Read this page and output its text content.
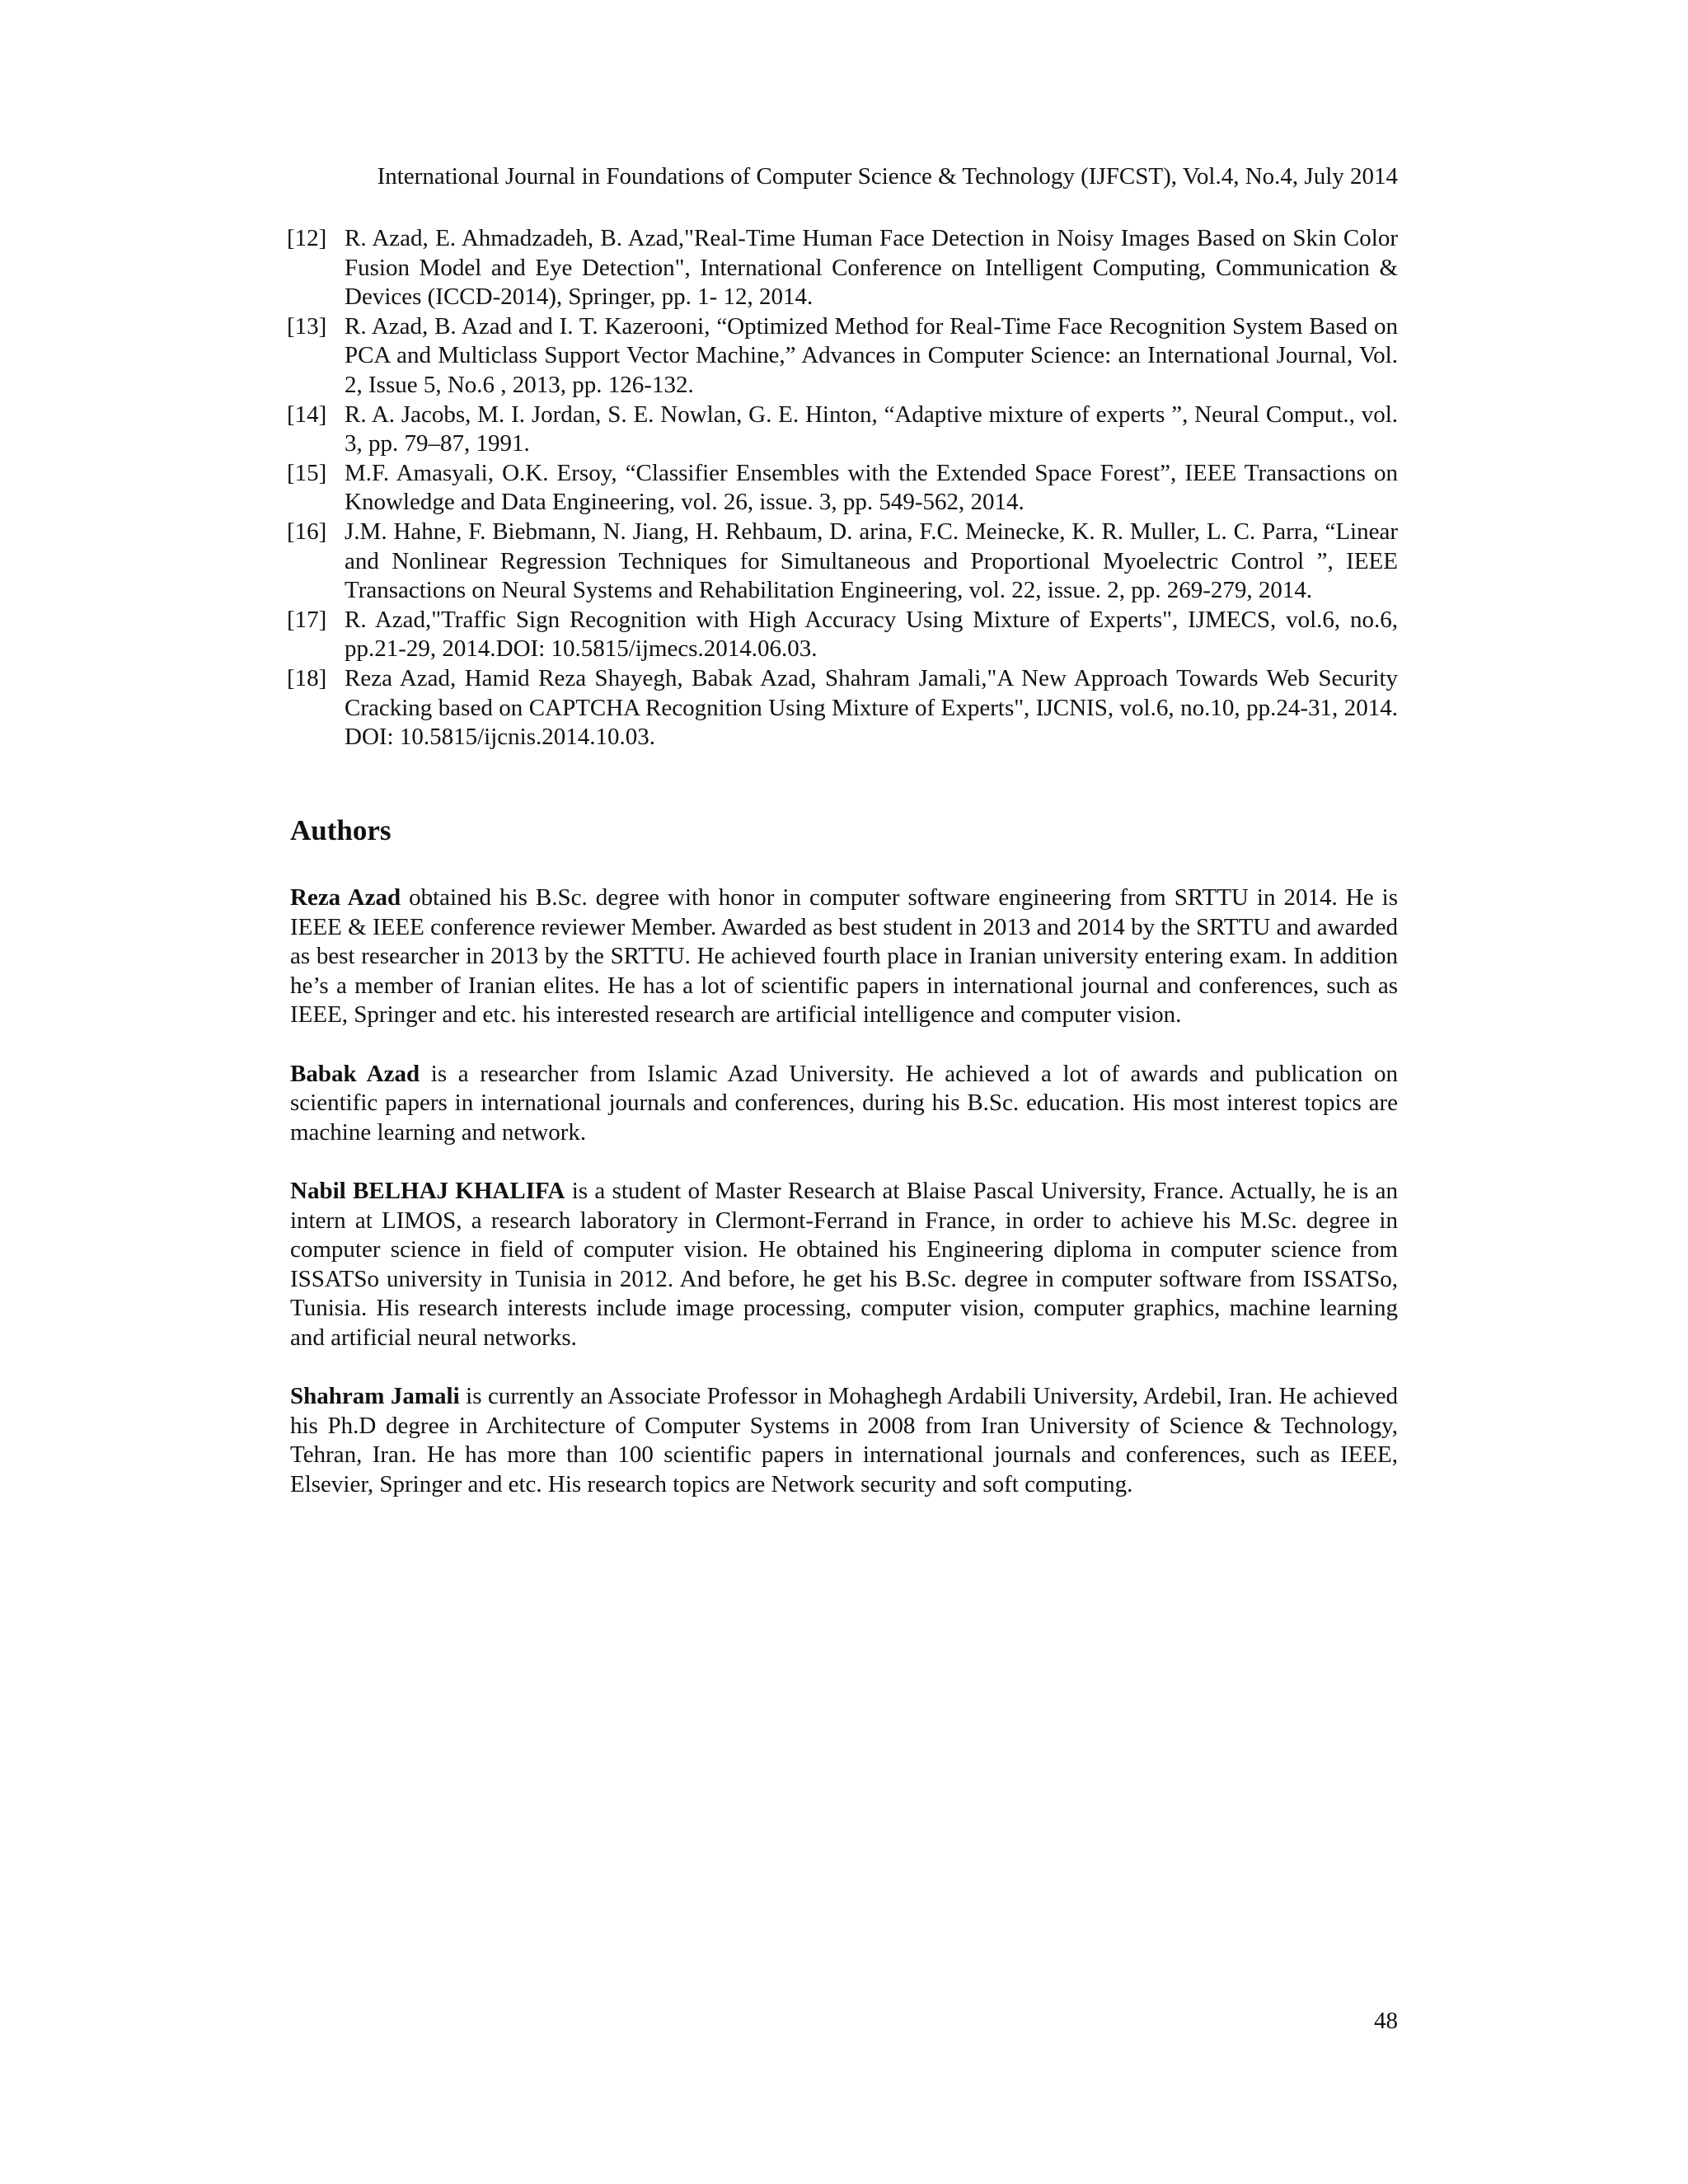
International Journal in Foundations of Computer Science & Technology (IJFCST), Vol.4, No.4, July 2014
[12] R. Azad, E. Ahmadzadeh, B. Azad,"Real-Time Human Face Detection in Noisy Images Based on Skin Color Fusion Model and Eye Detection", International Conference on Intelligent Computing, Communication & Devices (ICCD-2014), Springer, pp. 1- 12, 2014.
[13] R. Azad, B. Azad and I. T. Kazerooni, “Optimized Method for Real-Time Face Recognition System Based on PCA and Multiclass Support Vector Machine,” Advances in Computer Science: an International Journal, Vol. 2, Issue 5, No.6 , 2013, pp. 126-132.
[14] R. A. Jacobs, M. I. Jordan, S. E. Nowlan, G. E. Hinton, “Adaptive mixture of experts ”, Neural Comput., vol. 3, pp. 79–87, 1991.
[15] M.F. Amasyali, O.K. Ersoy, “Classifier Ensembles with the Extended Space Forest”, IEEE Transactions on Knowledge and Data Engineering, vol. 26, issue. 3, pp. 549-562, 2014.
[16] J.M. Hahne, F. Biebmann, N. Jiang, H. Rehbaum, D. arina, F.C. Meinecke, K. R. Muller, L. C. Parra, “Linear and Nonlinear Regression Techniques for Simultaneous and Proportional Myoelectric Control ”, IEEE Transactions on Neural Systems and Rehabilitation Engineering, vol. 22, issue. 2, pp. 269-279, 2014.
[17] R. Azad,"Traffic Sign Recognition with High Accuracy Using Mixture of Experts", IJMECS, vol.6, no.6, pp.21-29, 2014.DOI: 10.5815/ijmecs.2014.06.03.
[18] Reza Azad, Hamid Reza Shayegh, Babak Azad, Shahram Jamali,"A New Approach Towards Web Security Cracking based on CAPTCHA Recognition Using Mixture of Experts", IJCNIS, vol.6, no.10, pp.24-31, 2014. DOI: 10.5815/ijcnis.2014.10.03.
Authors

Reza Azad obtained his B.Sc. degree with honor in computer software engineering from SRTTU in 2014. He is IEEE & IEEE conference reviewer Member. Awarded as best student in 2013 and 2014 by the SRTTU and awarded as best researcher in 2013 by the SRTTU. He achieved fourth place in Iranian university entering exam. In addition he’s a member of Iranian elites. He has a lot of scientific papers in international journal and conferences, such as IEEE, Springer and etc. his interested research are artificial intelligence and computer vision.

Babak Azad is a researcher from Islamic Azad University. He achieved a lot of awards and publication on scientific papers in international journals and conferences, during his B.Sc. education. His most interest topics are machine learning and network.

Nabil BELHAJ KHALIFA is a student of Master Research at Blaise Pascal University, France. Actually, he is an intern at LIMOS, a research laboratory in Clermont-Ferrand in France, in order to achieve his M.Sc. degree in computer science in field of computer vision. He obtained his Engineering diploma in computer science from ISSATSo university in Tunisia in 2012. And before, he get his B.Sc. degree in computer software from ISSATSo, Tunisia. His research interests include image processing, computer vision, computer graphics, machine learning and artificial neural networks.

Shahram Jamali is currently an Associate Professor in Mohaghegh Ardabili University, Ardebil, Iran. He achieved his Ph.D degree in Architecture of Computer Systems in 2008 from Iran University of Science & Technology, Tehran, Iran. He has more than 100 scientific papers in international journals and conferences, such as IEEE, Elsevier, Springer and etc. His research topics are Network security and soft computing.

48
